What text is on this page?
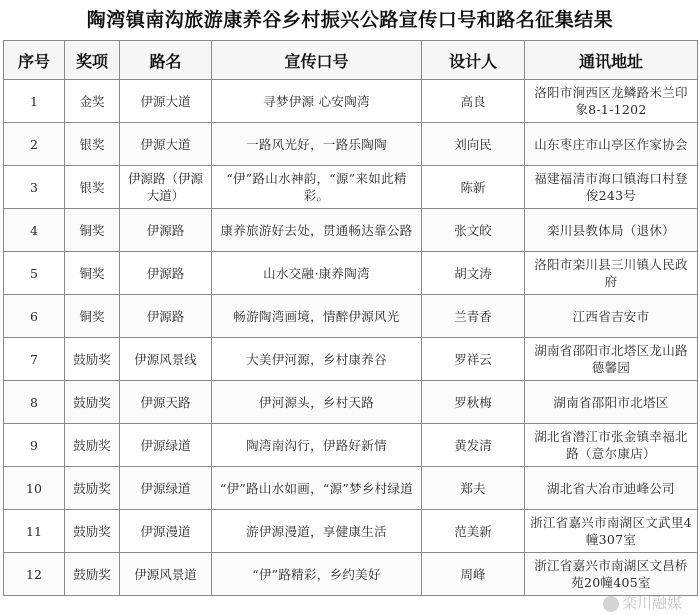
陶湾镇南沟旅游康养谷乡村振兴公路宣传口号和路名征集结果
序号	奖项	路名	宣传口号	设计人	通讯地址
1	金奖	伊源大道	寻梦伊源 心安陶湾	高良	洛阳市涧西区龙鳞路米兰印象8-1-1202
2	银奖	伊源大道	一路风光好，一路乐陶陶	刘向民	山东枣庄市山亭区作家协会
3	银奖	伊源路（伊源大道）	“伊”路山水神韵，“源”来如此精彩。	陈新	福建福清市海口镇海口村登俊243号
4	铜奖	伊源路	康养旅游好去处，贯通畅达靠公路	张文皎	栾川县教体局（退休）
5	铜奖	伊源路	山水交融·康养陶湾	胡文涛	洛阳市栾川县三川镇人民政府
6	铜奖	伊源路	畅游陶湾画境，情醉伊源风光	兰青香	江西省吉安市
7	鼓励奖	伊源风景线	大美伊河源，乡村康养谷	罗祥云	湖南省邵阳市北塔区龙山路德馨园
8	鼓励奖	伊源天路	伊河源头，乡村天路	罗秋梅	湖南省邵阳市北塔区
9	鼓励奖	伊源绿道	陶湾南沟行，伊路好新情	黄发清	湖北省潜江市张金镇幸福北路（意尔康店）
10	鼓励奖	伊源绿道	“伊”路山水如画，“源”梦乡村绿道	郑夫	湖北省大冶市迪峰公司
11	鼓励奖	伊源漫道	游伊源漫道，享健康生活	范美新	浙江省嘉兴市南湖区文武里4幢307室
12	鼓励奖	伊源风景道	“伊”路精彩，乡约美好	周峰	浙江省嘉兴市南湖区文昌桥苑20幢405室
栾川融媒
